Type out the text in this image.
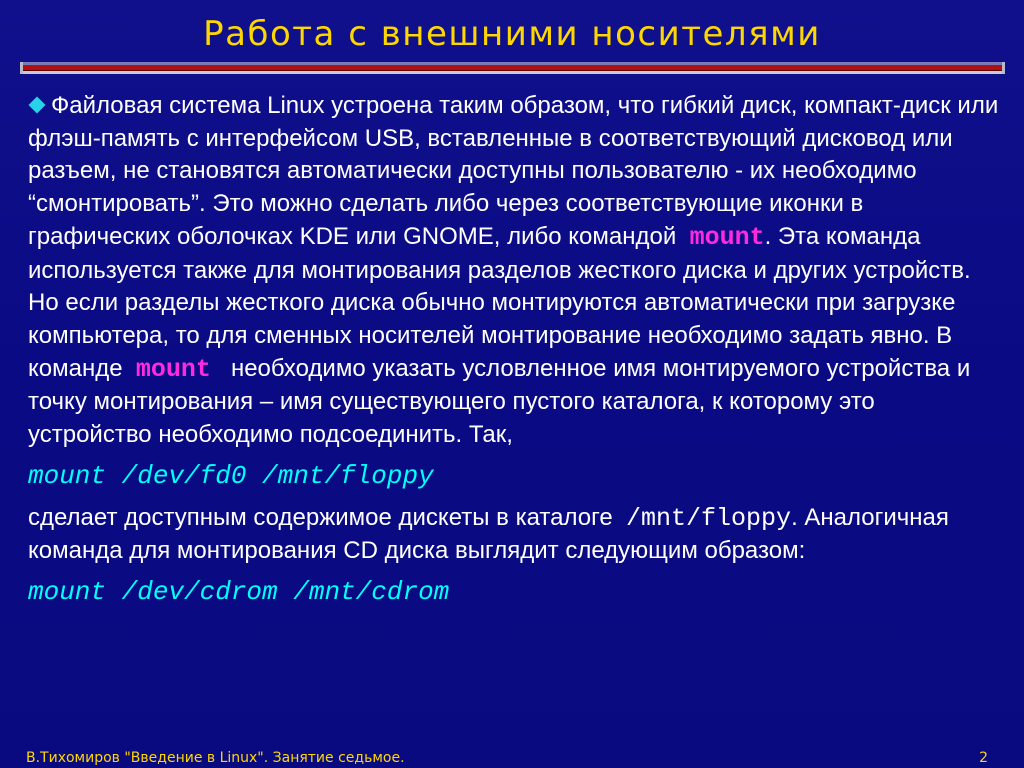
Работа с внешними носителями

Файловая система Linux устроена таким образом, что гибкий диск, компакт-диск или флэш-память с интерфейсом USB, вставленные в соответствующий дисковод или разъем, не становятся автоматически доступны пользователю - их необходимо “смонтировать”. Это можно сделать либо через соответствующие иконки в графических оболочках KDE или GNOME, либо командой mount. Эта команда используется также для монтирования разделов жесткого диска и других устройств. Но если разделы жесткого диска обычно монтируются автоматически при загрузке компьютера, то для сменных носителей монтирование необходимо задать явно. В команде mount необходимо указать условленное имя монтируемого устройства и точку монтирования – имя существующего пустого каталога, к которому это устройство необходимо подсоединить. Так,

mount /dev/fd0 /mnt/floppy

сделает доступным содержимое дискеты в каталоге /mnt/floppy. Аналогичная команда для монтирования CD диска выглядит следующим образом:

mount /dev/cdrom /mnt/cdrom

В.Тихомиров "Введение в Linux". Занятие седьмое.	2
